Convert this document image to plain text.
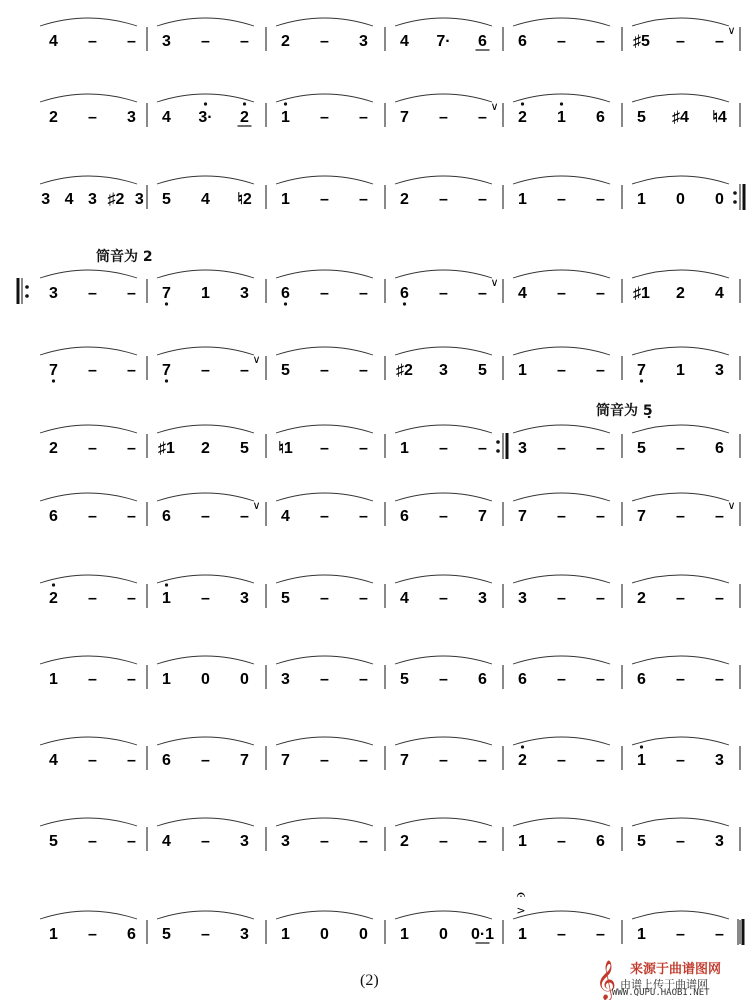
4 – – 3 – – 2 – 3 4 7· 6 6 – – ♯5 – –
∨
2 – 3 4 3· 2 1 – – 7 – –
∨
2 1 6 5 ♯4 ♮4
3 4 3 ♯2 3 5 4 ♮2 1 – – 2 – – 1 – – 1 0 0
3 – – 7 1 3 6 – – 6 – –
∨
4 – – ♯1 2 4
7 – – 7 – –
∨
5 – – ♯2 3 5 1 – – 7 1 3
2 – – ♯1 2 5 ♮1 – – 1 – – 3 – – 5 – 6
6 – – 6 – –
∨
4 – – 6 – 7 7 – – 7 – –
∨
2 – – 1 – 3 5 – – 4 – 3 3 – – 2 – –
1 – – 1 0 0 3 – – 5 – 6 6 – – 6 – –
4 – – 6 – 7 7 – – 7 – – 2 – – 1 – 3
5 – – 4 – 3 3 – – 2 – – 1 – 6 5 – 3
1 – 6 5 – 3 1 0 0 1 0 0·1 1 – – 1 – –
𝄐
>
筒音为 2
筒音为 5̣
(2)	𝄞 来源于曲谱图网
由谱上传于曲谱网
WWW.QUPU.HAOBI.NET
